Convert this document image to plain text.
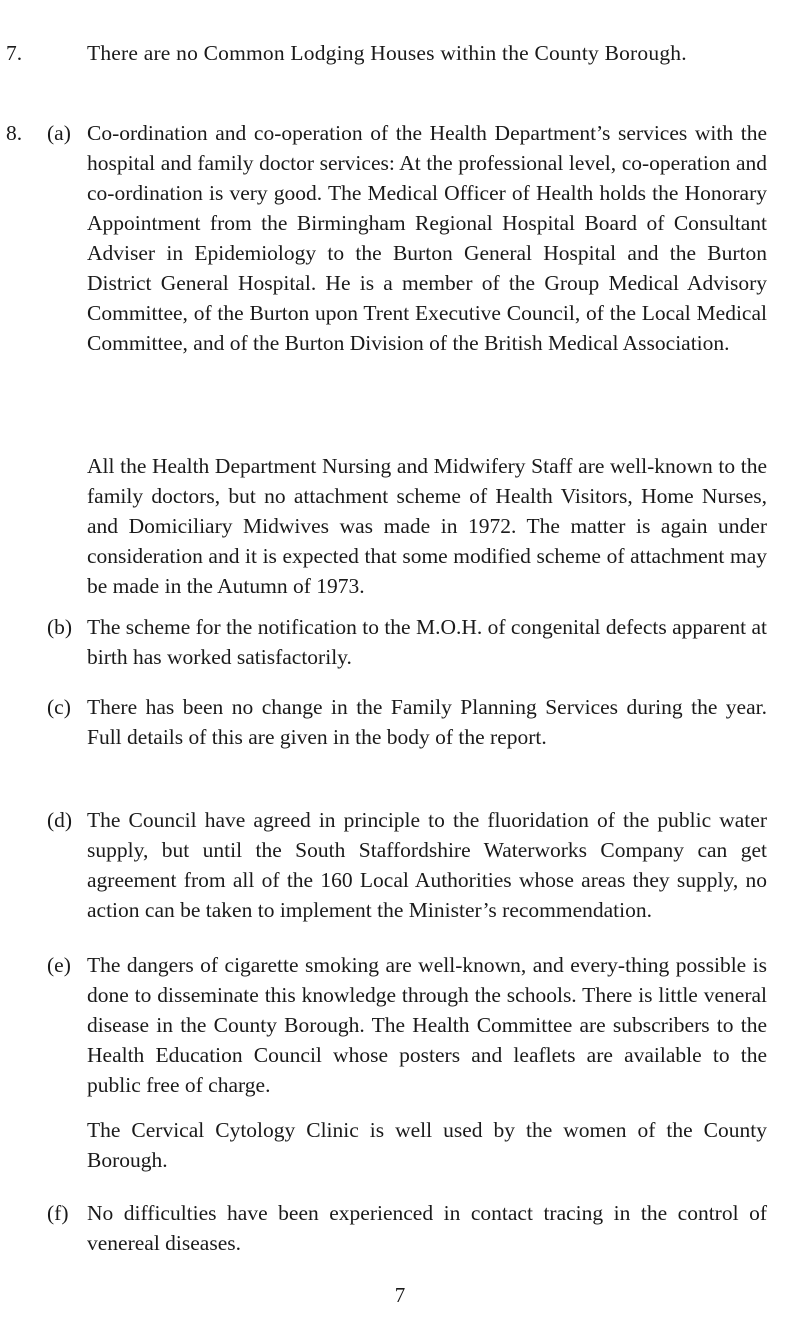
7.	There are no Common Lodging Houses within the County Borough.

8. (a) Co-ordination and co-operation of the Health Department’s services with the hospital and family doctor services: At the professional level, co-operation and co-ordination is very good. The Medical Officer of Health holds the Honorary Appointment from the Birmingham Regional Hospital Board of Consultant Adviser in Epidemiology to the Burton General Hospital and the Burton District General Hospital. He is a member of the Group Medical Advisory Committee, of the Burton upon Trent Executive Council, of the Local Medical Committee, and of the Burton Division of the British Medical Association.

All the Health Department Nursing and Midwifery Staff are well-known to the family doctors, but no attachment scheme of Health Visitors, Home Nurses, and Domiciliary Midwives was made in 1972. The matter is again under consideration and it is expected that some modified scheme of attachment may be made in the Autumn of 1973.

(b) The scheme for the notification to the M.O.H. of congenital defects apparent at birth has worked satisfactorily.

(c) There has been no change in the Family Planning Services during the year. Full details of this are given in the body of the report.

(d) The Council have agreed in principle to the fluoridation of the public water supply, but until the South Staffordshire Waterworks Company can get agreement from all of the 160 Local Authorities whose areas they supply, no action can be taken to implement the Minister’s recommendation.

(e) The dangers of cigarette smoking are well-known, and every-thing possible is done to disseminate this knowledge through the schools. There is little veneral disease in the County Borough. The Health Committee are subscribers to the Health Education Council whose posters and leaflets are available to the public free of charge.

The Cervical Cytology Clinic is well used by the women of the County Borough.

(f) No difficulties have been experienced in contact tracing in the control of venereal diseases.

7
